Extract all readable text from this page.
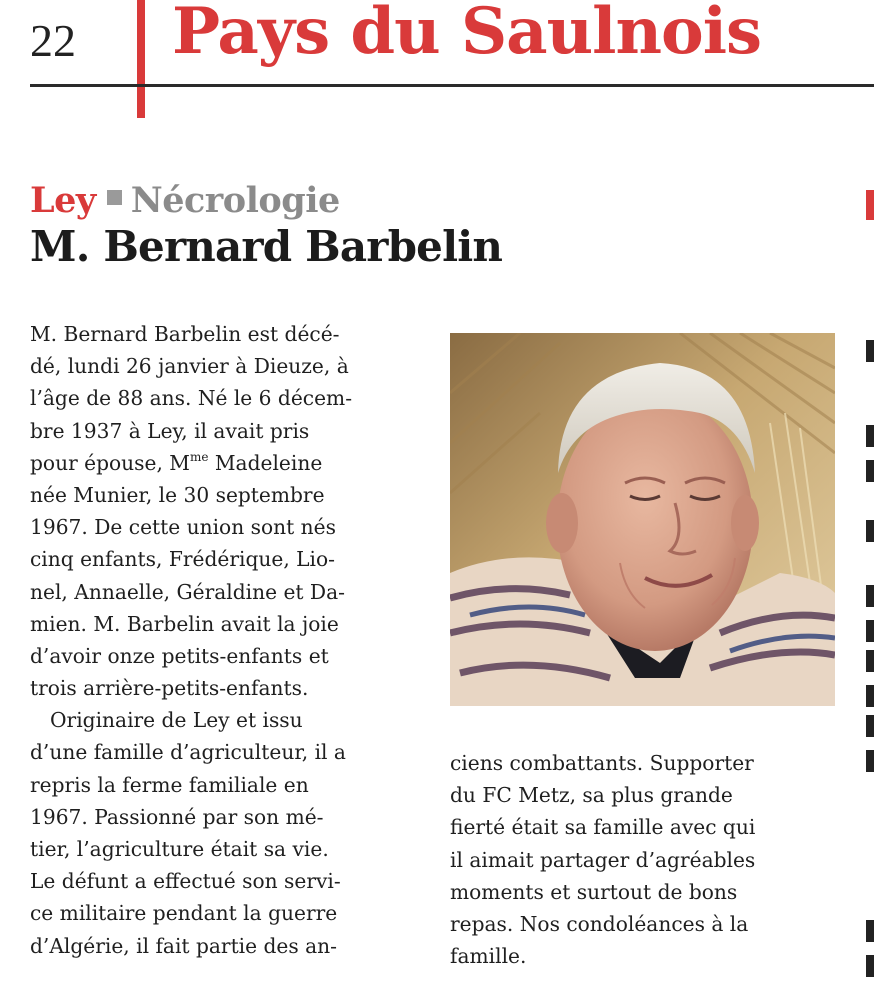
22 Pays du Saulnois
Ley Nécrologie
M. Bernard Barbelin
M. Bernard Barbelin est décé-
dé, lundi 26 janvier à Dieuze, à
l’âge de 88 ans. Né le 6 décem-
bre 1937 à Ley, il avait pris
pour épouse, $M^{me}$ Madeleine
née Munier, le 30 septembre
1967. De cette union sont nés
cinq enfants, Frédérique, Lio-
nel, Annaelle, Géraldine et Da-
mien. M. Barbelin avait la joie
d’avoir onze petits-enfants et
trois arrière-petits-enfants.
Originaire de Ley et issu
d’une famille d’agriculteur, il a
repris la ferme familiale en
1967. Passionné par son mé-
tier, l’agriculture était sa vie.
Le défunt a effectué son servi-
ce militaire pendant la guerre
d’Algérie, il fait partie des an-
ciens combattants. Supporter
du FC Metz, sa plus grande
fierté était sa famille avec qui
il aimait partager d’agréables
moments et surtout de bons
repas. Nos condoléances à la
famille.
